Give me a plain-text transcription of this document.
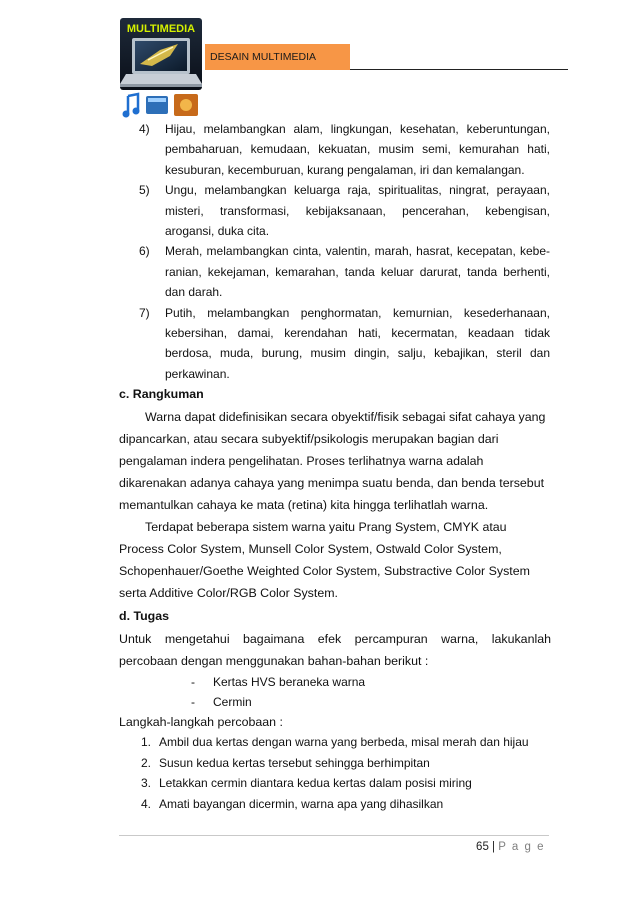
MULTIMEDIA
DESAIN MULTIMEDIA
4) Hijau, melambangkan alam, lingkungan, kesehatan, keberuntungan, pembaharuan, kemudaan, kekuatan, musim semi, kemurahan hati, kesuburan, kecemburuan, kurang pengalaman, iri dan kemalangan.
5) Ungu, melambangkan keluarga raja, spiritualitas, ningrat, perayaan, misteri, transformasi, kebijaksanaan, pencerahan, kebengisan, arogansi, duka cita.
6) Merah, melambangkan cinta, valentin, marah, hasrat, kecepatan, kebe-ranian, kekejaman, kemarahan, tanda keluar darurat, tanda berhenti, dan darah.
7) Putih, melambangkan penghormatan, kemurnian, kesederhanaan, kebersihan, damai, kerendahan hati, kecermatan, keadaan tidak berdosa, muda, burung, musim dingin, salju, kebajikan, steril dan perkawinan.
c. Rangkuman
Warna dapat didefinisikan secara obyektif/fisik sebagai sifat cahaya yang dipancarkan, atau secara subyektif/psikologis merupakan bagian dari pengalaman indera pengelihatan. Proses terlihatnya warna adalah dikarenakan adanya cahaya yang menimpa suatu benda, dan benda tersebut memantulkan cahaya ke mata (retina) kita hingga terlihatlah warna.
Terdapat beberapa sistem warna yaitu Prang System, CMYK atau Process Color System, Munsell Color System, Ostwald Color System, Schopenhauer/Goethe Weighted Color System, Substractive Color System serta Additive Color/RGB Color System.
d. Tugas
Untuk mengetahui bagaimana efek percampuran warna, lakukanlah percobaan dengan menggunakan bahan-bahan berikut :
- Kertas HVS beraneka warna
- Cermin
Langkah-langkah percobaan :
1. Ambil dua kertas dengan warna yang berbeda, misal merah dan hijau
2. Susun kedua kertas tersebut sehingga berhimpitan
3. Letakkan cermin diantara kedua kertas dalam posisi miring
4. Amati bayangan dicermin, warna apa yang dihasilkan
65 | P a g e
